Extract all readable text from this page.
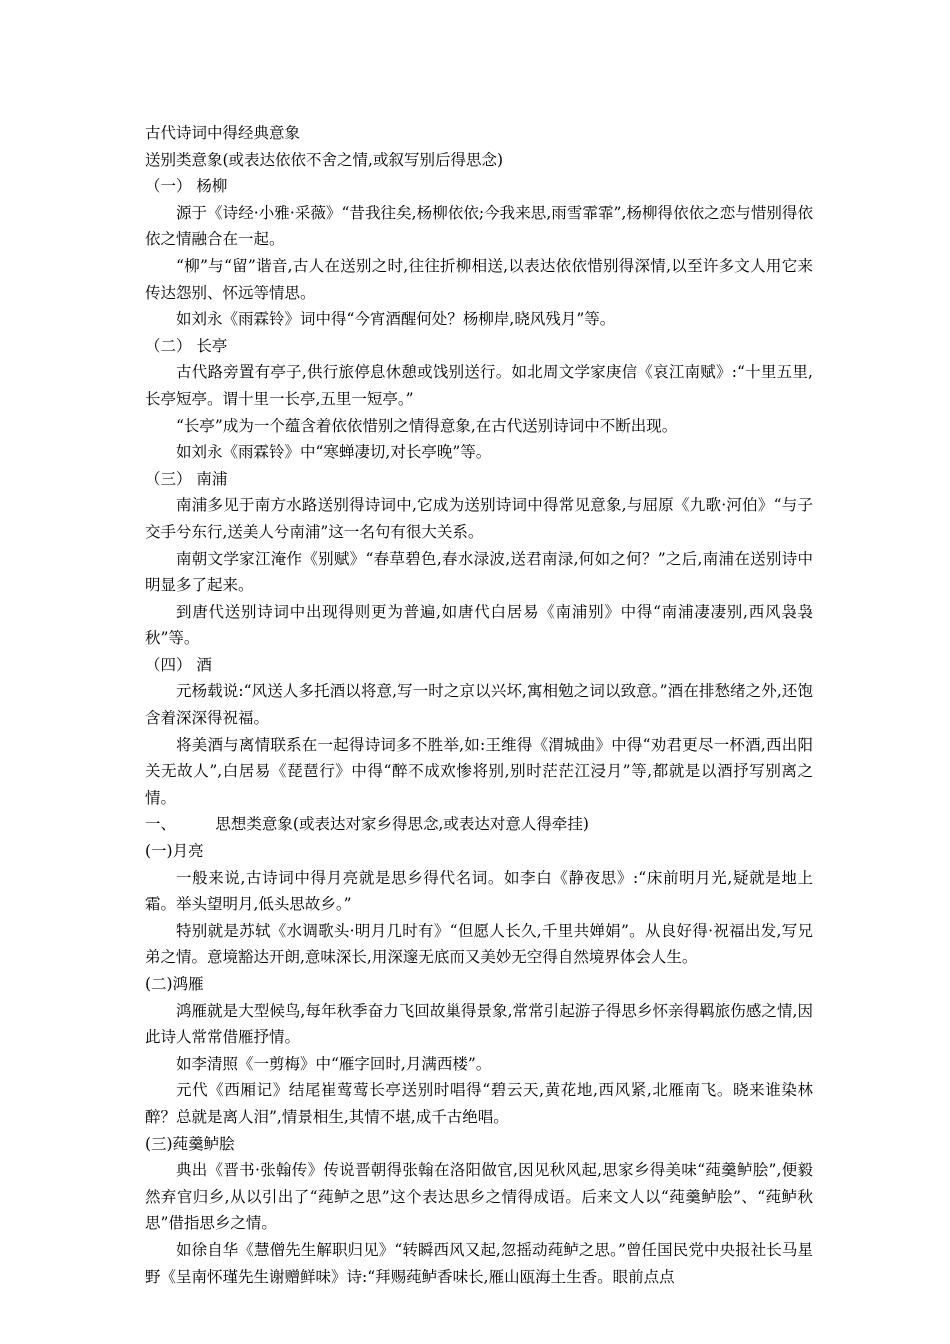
古代诗词中得经典意象

送别类意象(或表达依依不舍之情,或叙写别后得思念)

（一） 杨柳

源于《诗经·小雅·采薇》“昔我往矣,杨柳依依;今我来思,雨雪霏霏”,杨柳得依依之恋与惜别得依依之情融合在一起。

“柳”与“留”谐音,古人在送别之时,往往折柳相送,以表达依依惜别得深情,以至许多文人用它来传达怨别、怀远等情思。

如刘永《雨霖铃》词中得“今宵酒醒何处？杨柳岸,晓风残月”等。

（二） 长亭

古代路旁置有亭子,供行旅停息休憩或饯别送行。如北周文学家庚信《哀江南赋》:“十里五里,长亭短亭。谓十里一长亭,五里一短亭。”

“长亭”成为一个蕴含着依依惜别之情得意象,在古代送别诗词中不断出现。

如刘永《雨霖铃》中“寒蝉凄切,对长亭晚”等。

（三） 南浦

南浦多见于南方水路送别得诗词中,它成为送别诗词中得常见意象,与屈原《九歌·河伯》“与子交手兮东行,送美人兮南浦”这一名句有很大关系。

南朝文学家江淹作《别赋》“春草碧色,春水渌波,送君南渌,何如之何？”之后,南浦在送别诗中明显多了起来。

到唐代送别诗词中出现得则更为普遍,如唐代白居易《南浦别》中得“南浦凄凄别,西风袅袅秋”等。

（四） 酒

元杨载说:“风送人多托酒以将意,写一时之京以兴坏,寓相勉之词以致意。”酒在排愁绪之外,还饱含着深深得祝福。

将美酒与离情联系在一起得诗词多不胜举,如:王维得《渭城曲》中得“劝君更尽一杯酒,西出阳关无故人”,白居易《琵琶行》中得“醉不成欢惨将别,别时茫茫江浸月”等,都就是以酒抒写别离之情。

一、        思想类意象(或表达对家乡得思念,或表达对意人得牵挂)

(一)月亮

一般来说,古诗词中得月亮就是思乡得代名词。如李白《静夜思》:“床前明月光,疑就是地上霜。举头望明月,低头思故乡。”

特别就是苏轼《水调歌头·明月几时有》“但愿人长久,千里共婵娟”。从良好得·祝福出发,写兄弟之情。意境豁达开朗,意味深长,用深邃无底而又美妙无空得自然境界体会人生。

(二)鸿雁

鸿雁就是大型候鸟,每年秋季奋力飞回故巢得景象,常常引起游子得思乡怀亲得羁旅伤感之情,因此诗人常常借雁抒情。

如李清照《一剪梅》中“雁字回时,月满西楼”。

元代《西厢记》结尾崔莺莺长亭送别时唱得“碧云天,黄花地,西风紧,北雁南飞。晓来谁染林醉？总就是离人泪”,情景相生,其情不堪,成千古绝唱。

(三)莼羹鲈脍

典出《晋书·张翰传》传说晋朝得张翰在洛阳做官,因见秋风起,思家乡得美味“莼羹鲈脍”,便毅然弃官归乡,从以引出了“莼鲈之思”这个表达思乡之情得成语。后来文人以“莼羹鲈脍”、“莼鲈秋思”借指思乡之情。

如徐自华《慧僧先生解职归见》“转瞬西风又起,忽摇动莼鲈之思。”曾任国民党中央报社长马星野《呈南怀瑾先生谢赠鲜味》诗:“拜赐莼鲈香味长,雁山瓯海土生香。眼前点点
